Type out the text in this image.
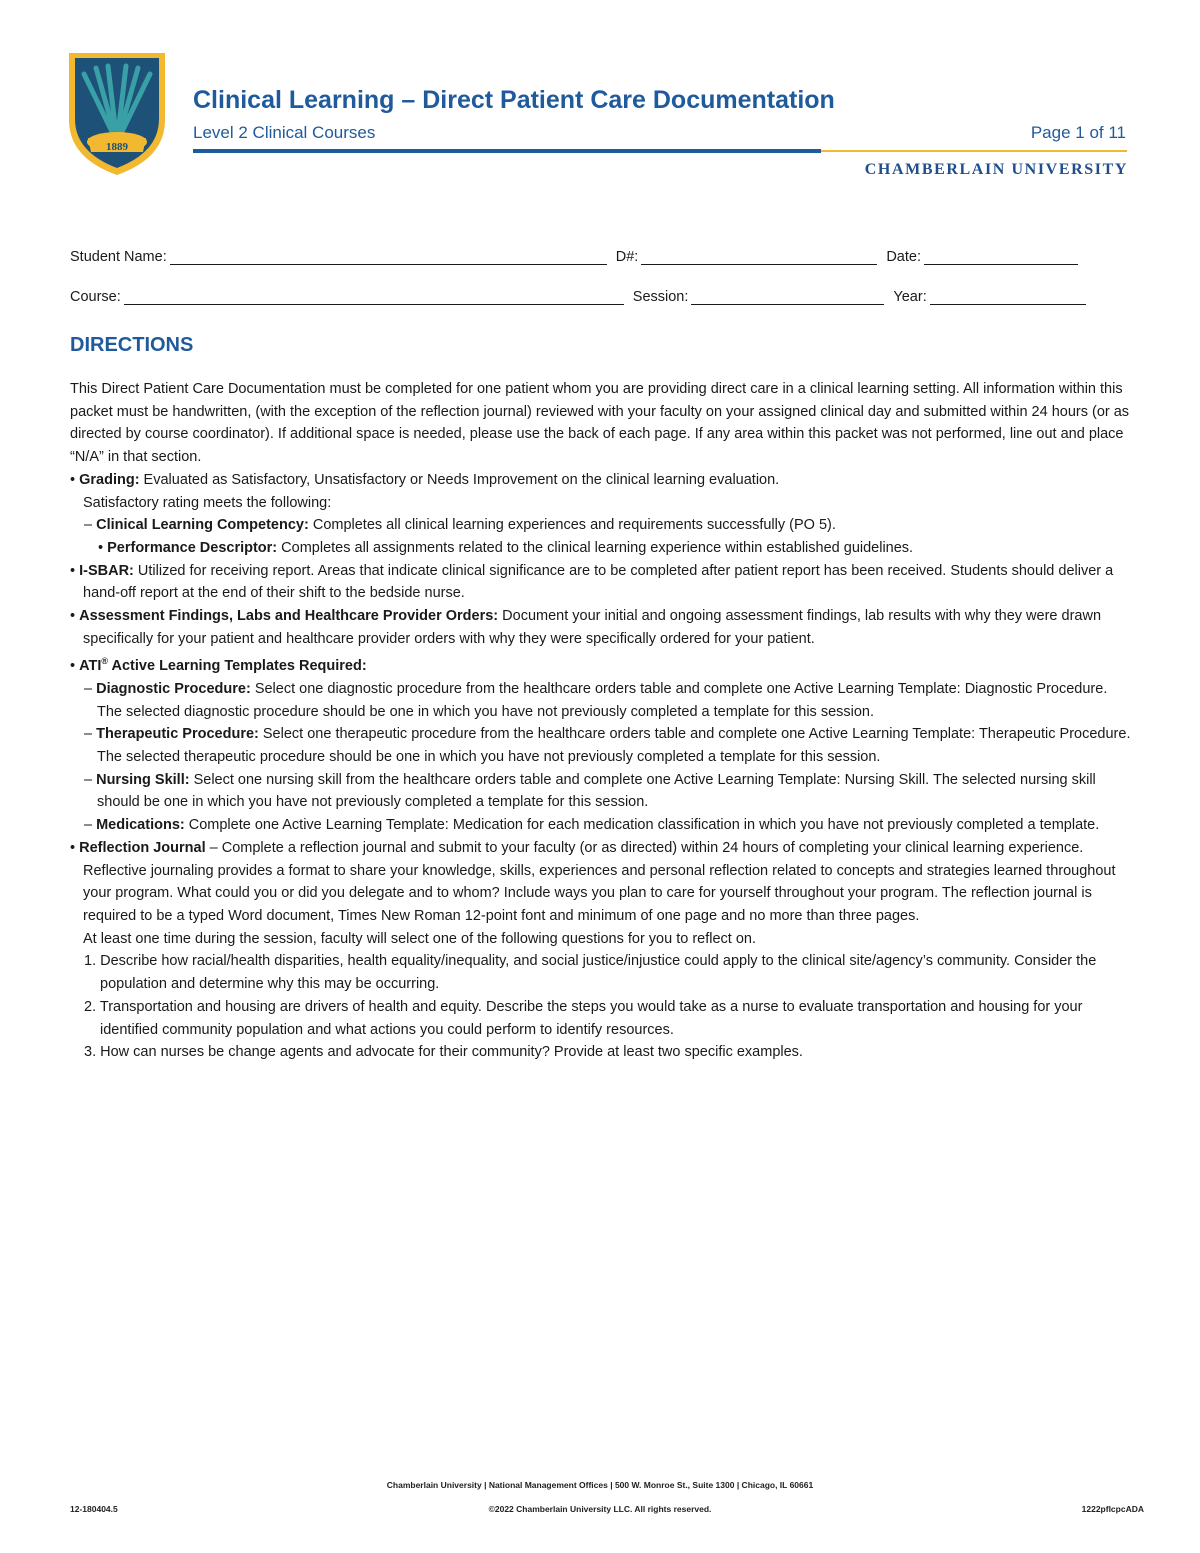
1889
Clinical Learning – Direct Patient Care Documentation
Level 2 Clinical Courses	Page 1 of 11
CHAMBERLAIN UNIVERSITY
Student Name:	D#:	Date:
Course:	Session:	Year:
DIRECTIONS

This Direct Patient Care Documentation must be completed for one patient whom you are providing direct care in a clinical learning setting. All information within this packet must be handwritten, (with the exception of the reflection journal) reviewed with your faculty on your assigned clinical day and submitted within 24 hours (or as directed by course coordinator). If additional space is needed, please use the back of each page. If any area within this packet was not performed, line out and place “N/A” in that section.

• Grading: Evaluated as Satisfactory, Unsatisfactory or Needs Improvement on the clinical learning evaluation.
Satisfactory rating meets the following:

– Clinical Learning Competency: Completes all clinical learning experiences and requirements successfully (PO 5).

• Performance Descriptor: Completes all assignments related to the clinical learning experience within established guidelines.

• I-SBAR: Utilized for receiving report. Areas that indicate clinical significance are to be completed after patient report has been received. Students should deliver a hand-off report at the end of their shift to the bedside nurse.

• Assessment Findings, Labs and Healthcare Provider Orders: Document your initial and ongoing assessment findings, lab results with why they were drawn specifically for your patient and healthcare provider orders with why they were specifically ordered for your patient.

• ATI® Active Learning Templates Required:

– Diagnostic Procedure: Select one diagnostic procedure from the healthcare orders table and complete one Active Learning Template: Diagnostic Procedure. The selected diagnostic procedure should be one in which you have not previously completed a template for this session.

– Therapeutic Procedure: Select one therapeutic procedure from the healthcare orders table and complete one Active Learning Template: Therapeutic Procedure. The selected therapeutic procedure should be one in which you have not previously completed a template for this session.

– Nursing Skill: Select one nursing skill from the healthcare orders table and complete one Active Learning Template: Nursing Skill. The selected nursing skill should be one in which you have not previously completed a template for this session.

– Medications: Complete one Active Learning Template: Medication for each medication classification in which you have not previously completed a template.

• Reflection Journal – Complete a reflection journal and submit to your faculty (or as directed) within 24 hours of completing your clinical learning experience. Reflective journaling provides a format to share your knowledge, skills, experiences and personal reflection related to concepts and strategies learned throughout your program. What could you or did you delegate and to whom? Include ways you plan to care for yourself throughout your program. The reflection journal is required to be a typed Word document, Times New Roman 12-point font and minimum of one page and no more than three pages.

At least one time during the session, faculty will select one of the following questions for you to reflect on.

1. Describe how racial/health disparities, health equality/inequality, and social justice/injustice could apply to the clinical site/agency’s community. Consider the population and determine why this may be occurring.

2. Transportation and housing are drivers of health and equity. Describe the steps you would take as a nurse to evaluate transportation and housing for your identified community population and what actions you could perform to identify resources.

3. How can nurses be change agents and advocate for their community? Provide at least two specific examples.

Chamberlain University | National Management Offices | 500 W. Monroe St., Suite 1300 | Chicago, IL 60661
12-180404.5	©2022 Chamberlain University LLC. All rights reserved.	1222pflcpcADA
